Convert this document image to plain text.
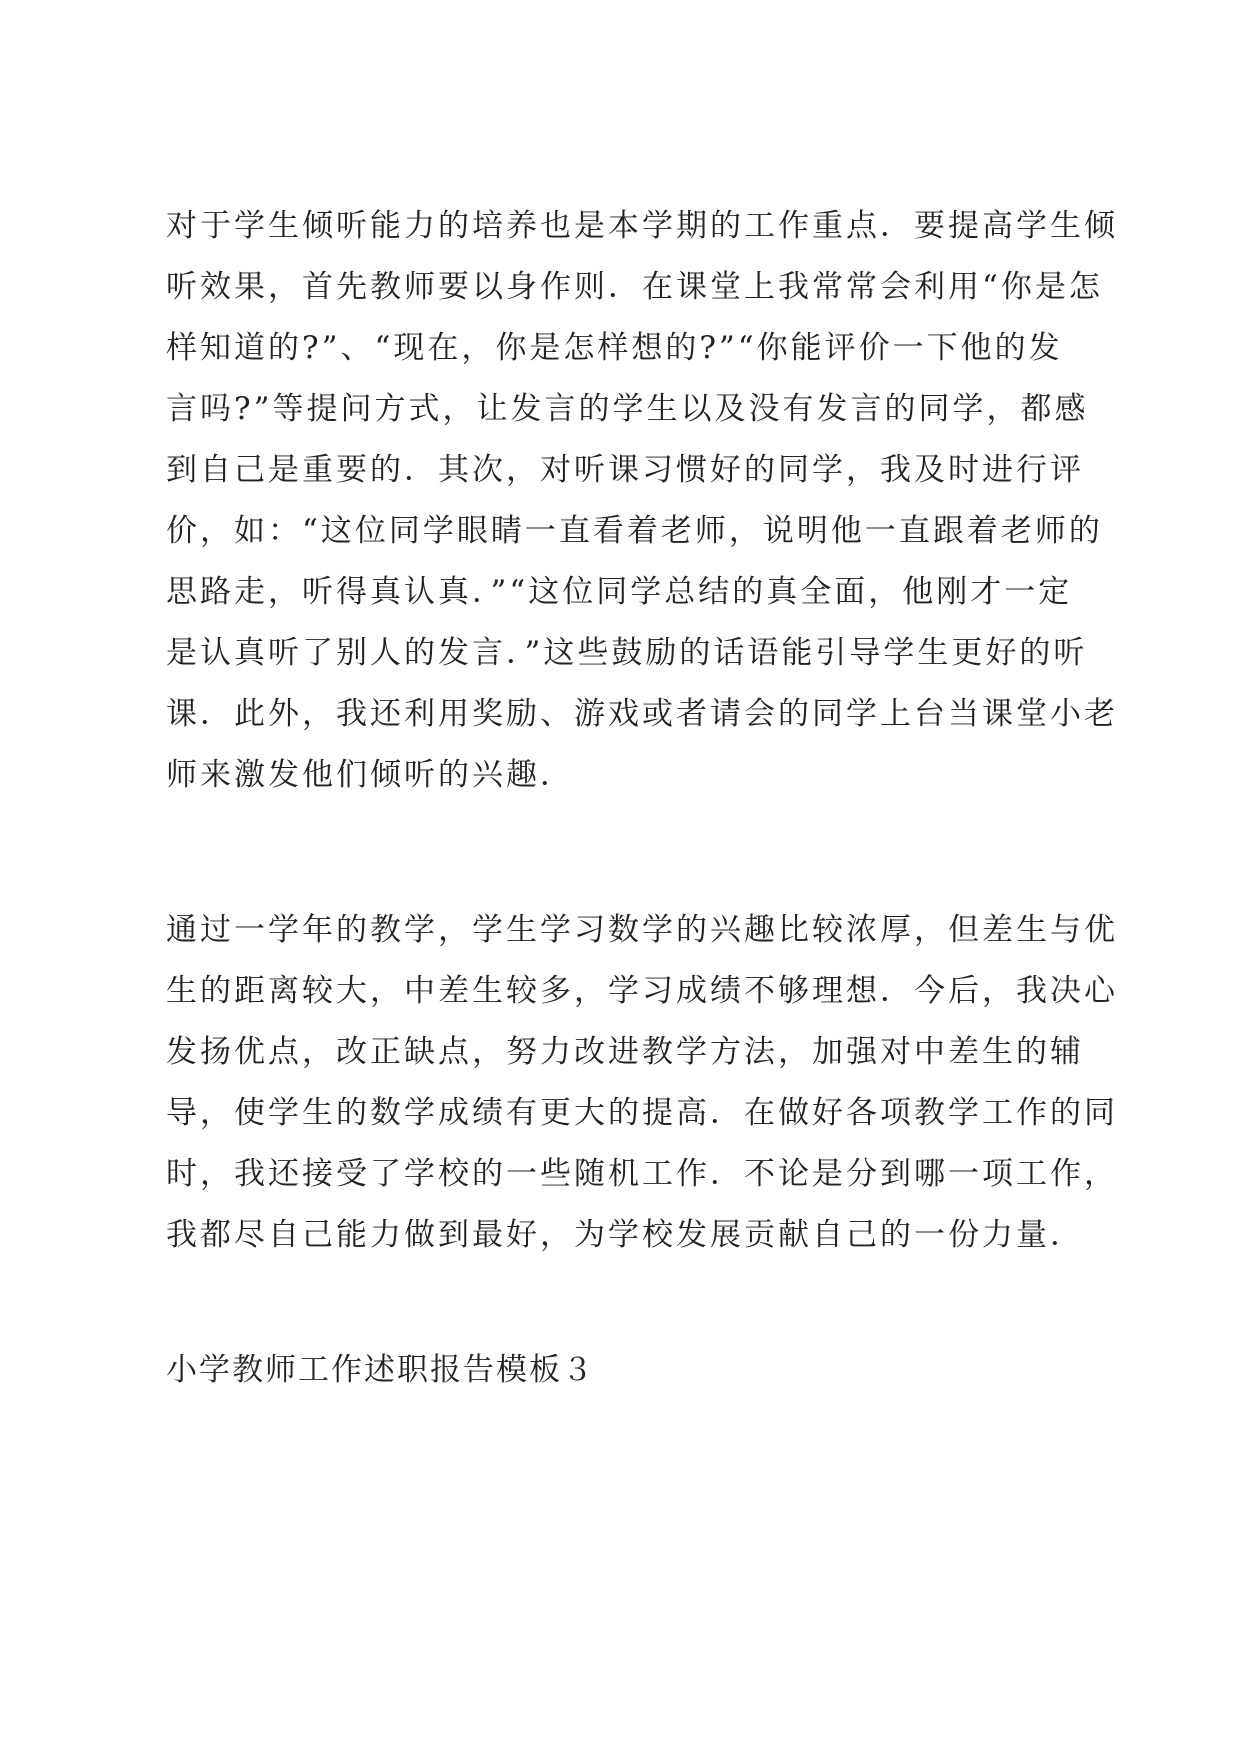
对于学生倾听能力的培养也是本学期的工作重点．要提高学生倾
听效果，首先教师要以身作则．在课堂上我常常会利用“你是怎
样知道的?”、“现在，你是怎样想的?”“你能评价一下他的发
言吗?”等提问方式，让发言的学生以及没有发言的同学，都感
到自己是重要的．其次，对听课习惯好的同学，我及时进行评
价，如：“这位同学眼睛一直看着老师，说明他一直跟着老师的
思路走，听得真认真．”“这位同学总结的真全面，他刚才一定
是认真听了别人的发言．”这些鼓励的话语能引导学生更好的听
课．此外，我还利用奖励、游戏或者请会的同学上台当课堂小老
师来激发他们倾听的兴趣．
通过一学年的教学，学生学习数学的兴趣比较浓厚，但差生与优
生的距离较大，中差生较多，学习成绩不够理想．今后，我决心
发扬优点，改正缺点，努力改进教学方法，加强对中差生的辅
导，使学生的数学成绩有更大的提高．在做好各项教学工作的同
时，我还接受了学校的一些随机工作．不论是分到哪一项工作，
我都尽自己能力做到最好，为学校发展贡献自己的一份力量．
小学教师工作述职报告模板３
